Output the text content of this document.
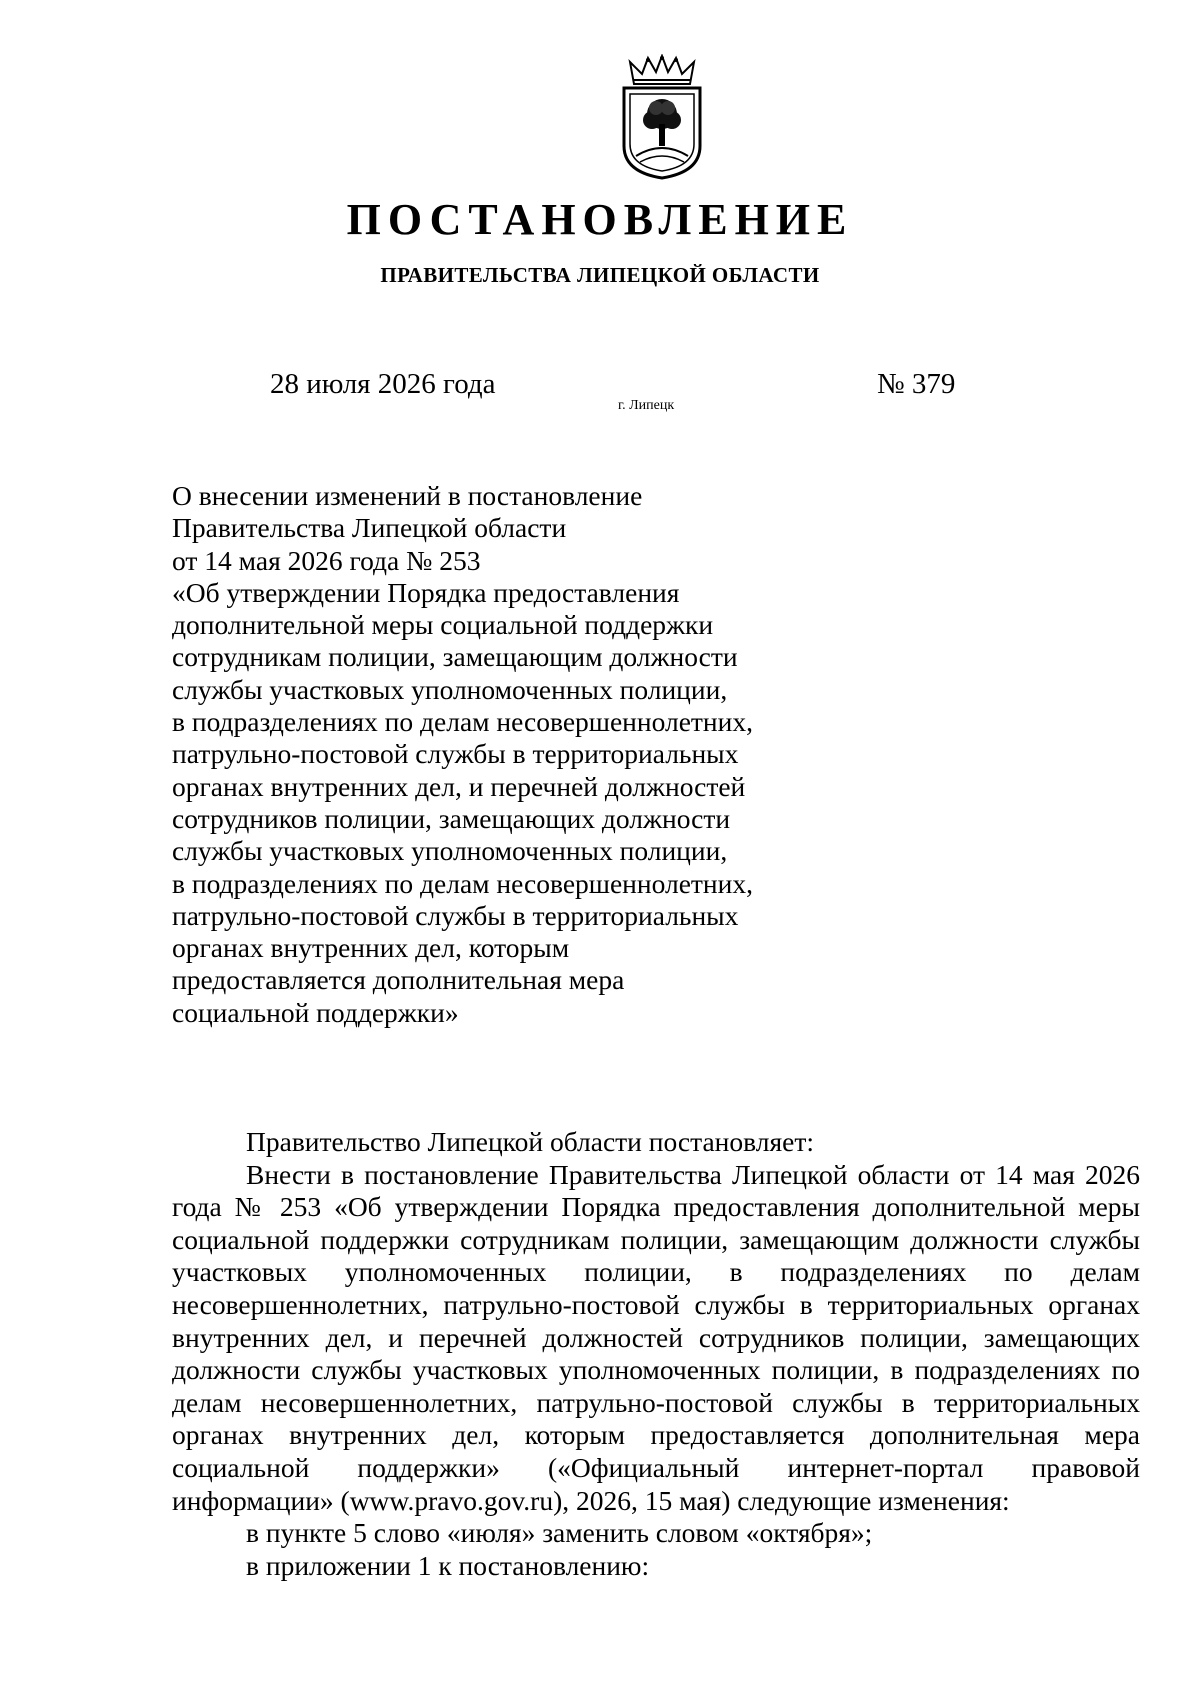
ПОСТАНОВЛЕНИЕ
ПРАВИТЕЛЬСТВА ЛИПЕЦКОЙ ОБЛАСТИ
28 июля 2026 года
г. Липецк
№ 379
О внесении изменений в постановление
Правительства Липецкой области
от 14 мая 2026 года № 253
«Об утверждении Порядка предоставления
дополнительной меры социальной поддержки
сотрудникам полиции, замещающим должности
службы участковых уполномоченных полиции,
в подразделениях по делам несовершеннолетних,
патрульно-постовой службы в территориальных
органах внутренних дел, и перечней должностей
сотрудников полиции, замещающих должности
службы участковых уполномоченных полиции,
в подразделениях по делам несовершеннолетних,
патрульно-постовой службы в территориальных
органах внутренних дел, которым
предоставляется дополнительная мера
социальной поддержки»
Правительство Липецкой области постановляет:
Внести в постановление Правительства Липецкой области от 14 мая 2026 года № 253 «Об утверждении Порядка предоставления дополнительной меры социальной поддержки сотрудникам полиции, замещающим должности службы участковых уполномоченных полиции, в подразделениях по делам несовершеннолетних, патрульно-постовой службы в территориальных органах внутренних дел, и перечней должностей сотрудников полиции, замещающих должности службы участковых уполномоченных полиции, в подразделениях по делам несовершеннолетних, патрульно-постовой службы в территориальных органах внутренних дел, которым предоставляется дополнительная мера социальной поддержки» («Официальный интернет-портал правовой информации» (www.pravo.gov.ru), 2026, 15 мая) следующие изменения:
в пункте 5 слово «июля» заменить словом «октября»;
в приложении 1 к постановлению:
